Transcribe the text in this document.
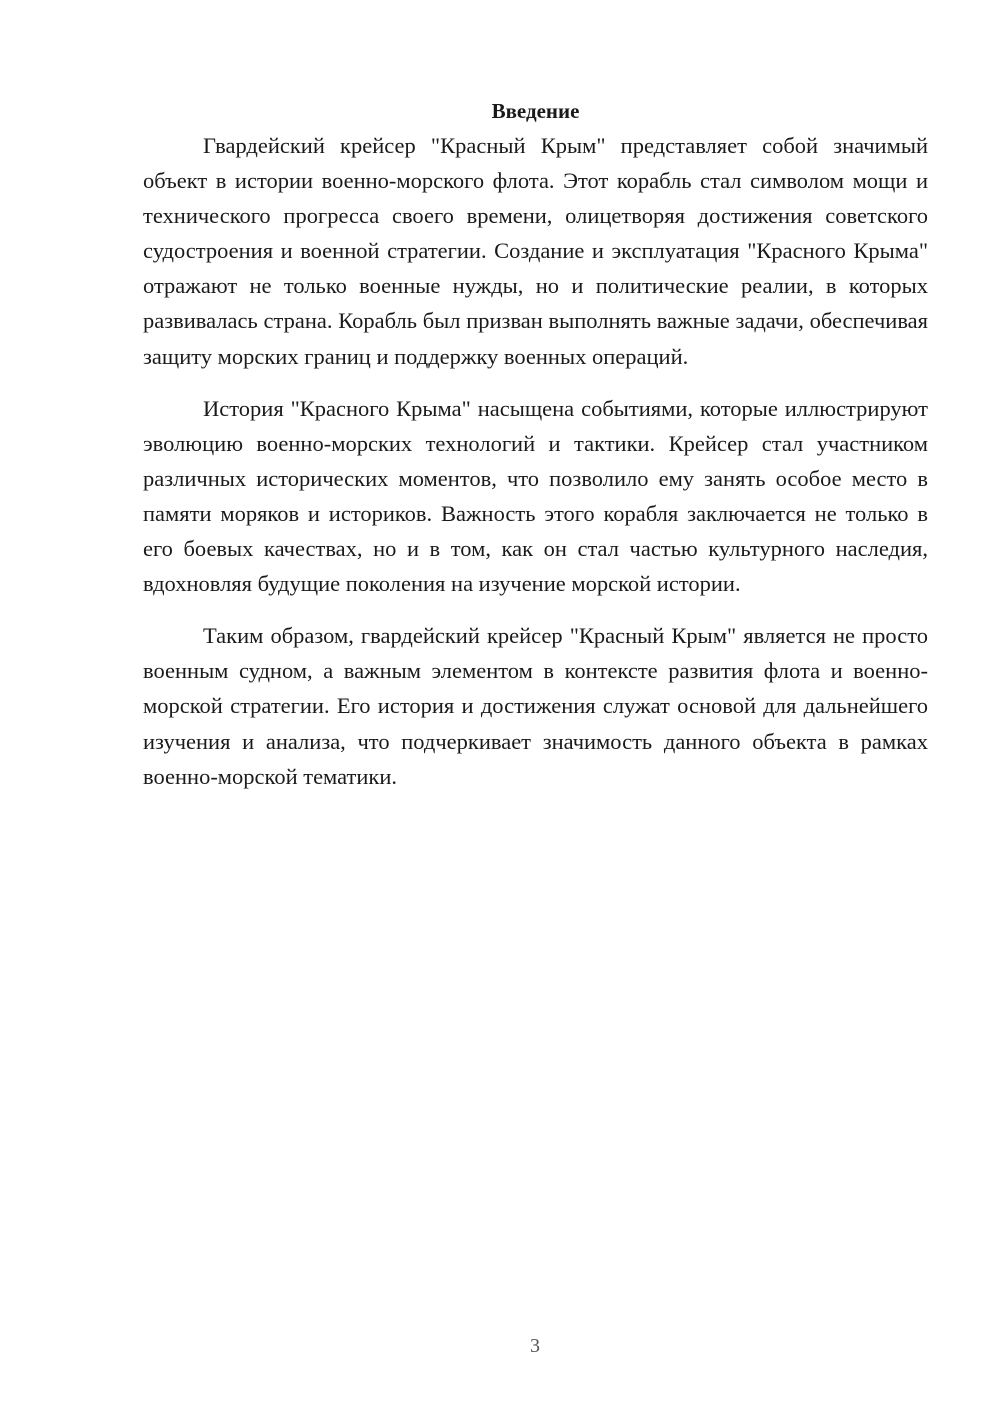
Введение

Гвардейский крейсер "Красный Крым" представляет собой значимый объект в истории военно-морского флота. Этот корабль стал символом мощи и технического прогресса своего времени, олицетворяя достижения советского судостроения и военной стратегии. Создание и эксплуатация "Красного Крыма" отражают не только военные нужды, но и политические реалии, в которых развивалась страна. Корабль был призван выполнять важные задачи, обеспечивая защиту морских границ и поддержку военных операций.

История "Красного Крыма" насыщена событиями, которые иллюстрируют эволюцию военно-морских технологий и тактики. Крейсер стал участником различных исторических моментов, что позволило ему занять особое место в памяти моряков и историков. Важность этого корабля заключается не только в его боевых качествах, но и в том, как он стал частью культурного наследия, вдохновляя будущие поколения на изучение морской истории.

Таким образом, гвардейский крейсер "Красный Крым" является не просто военным судном, а важным элементом в контексте развития флота и военно-морской стратегии. Его история и достижения служат основой для дальнейшего изучения и анализа, что подчеркивает значимость данного объекта в рамках военно-морской тематики.

3
